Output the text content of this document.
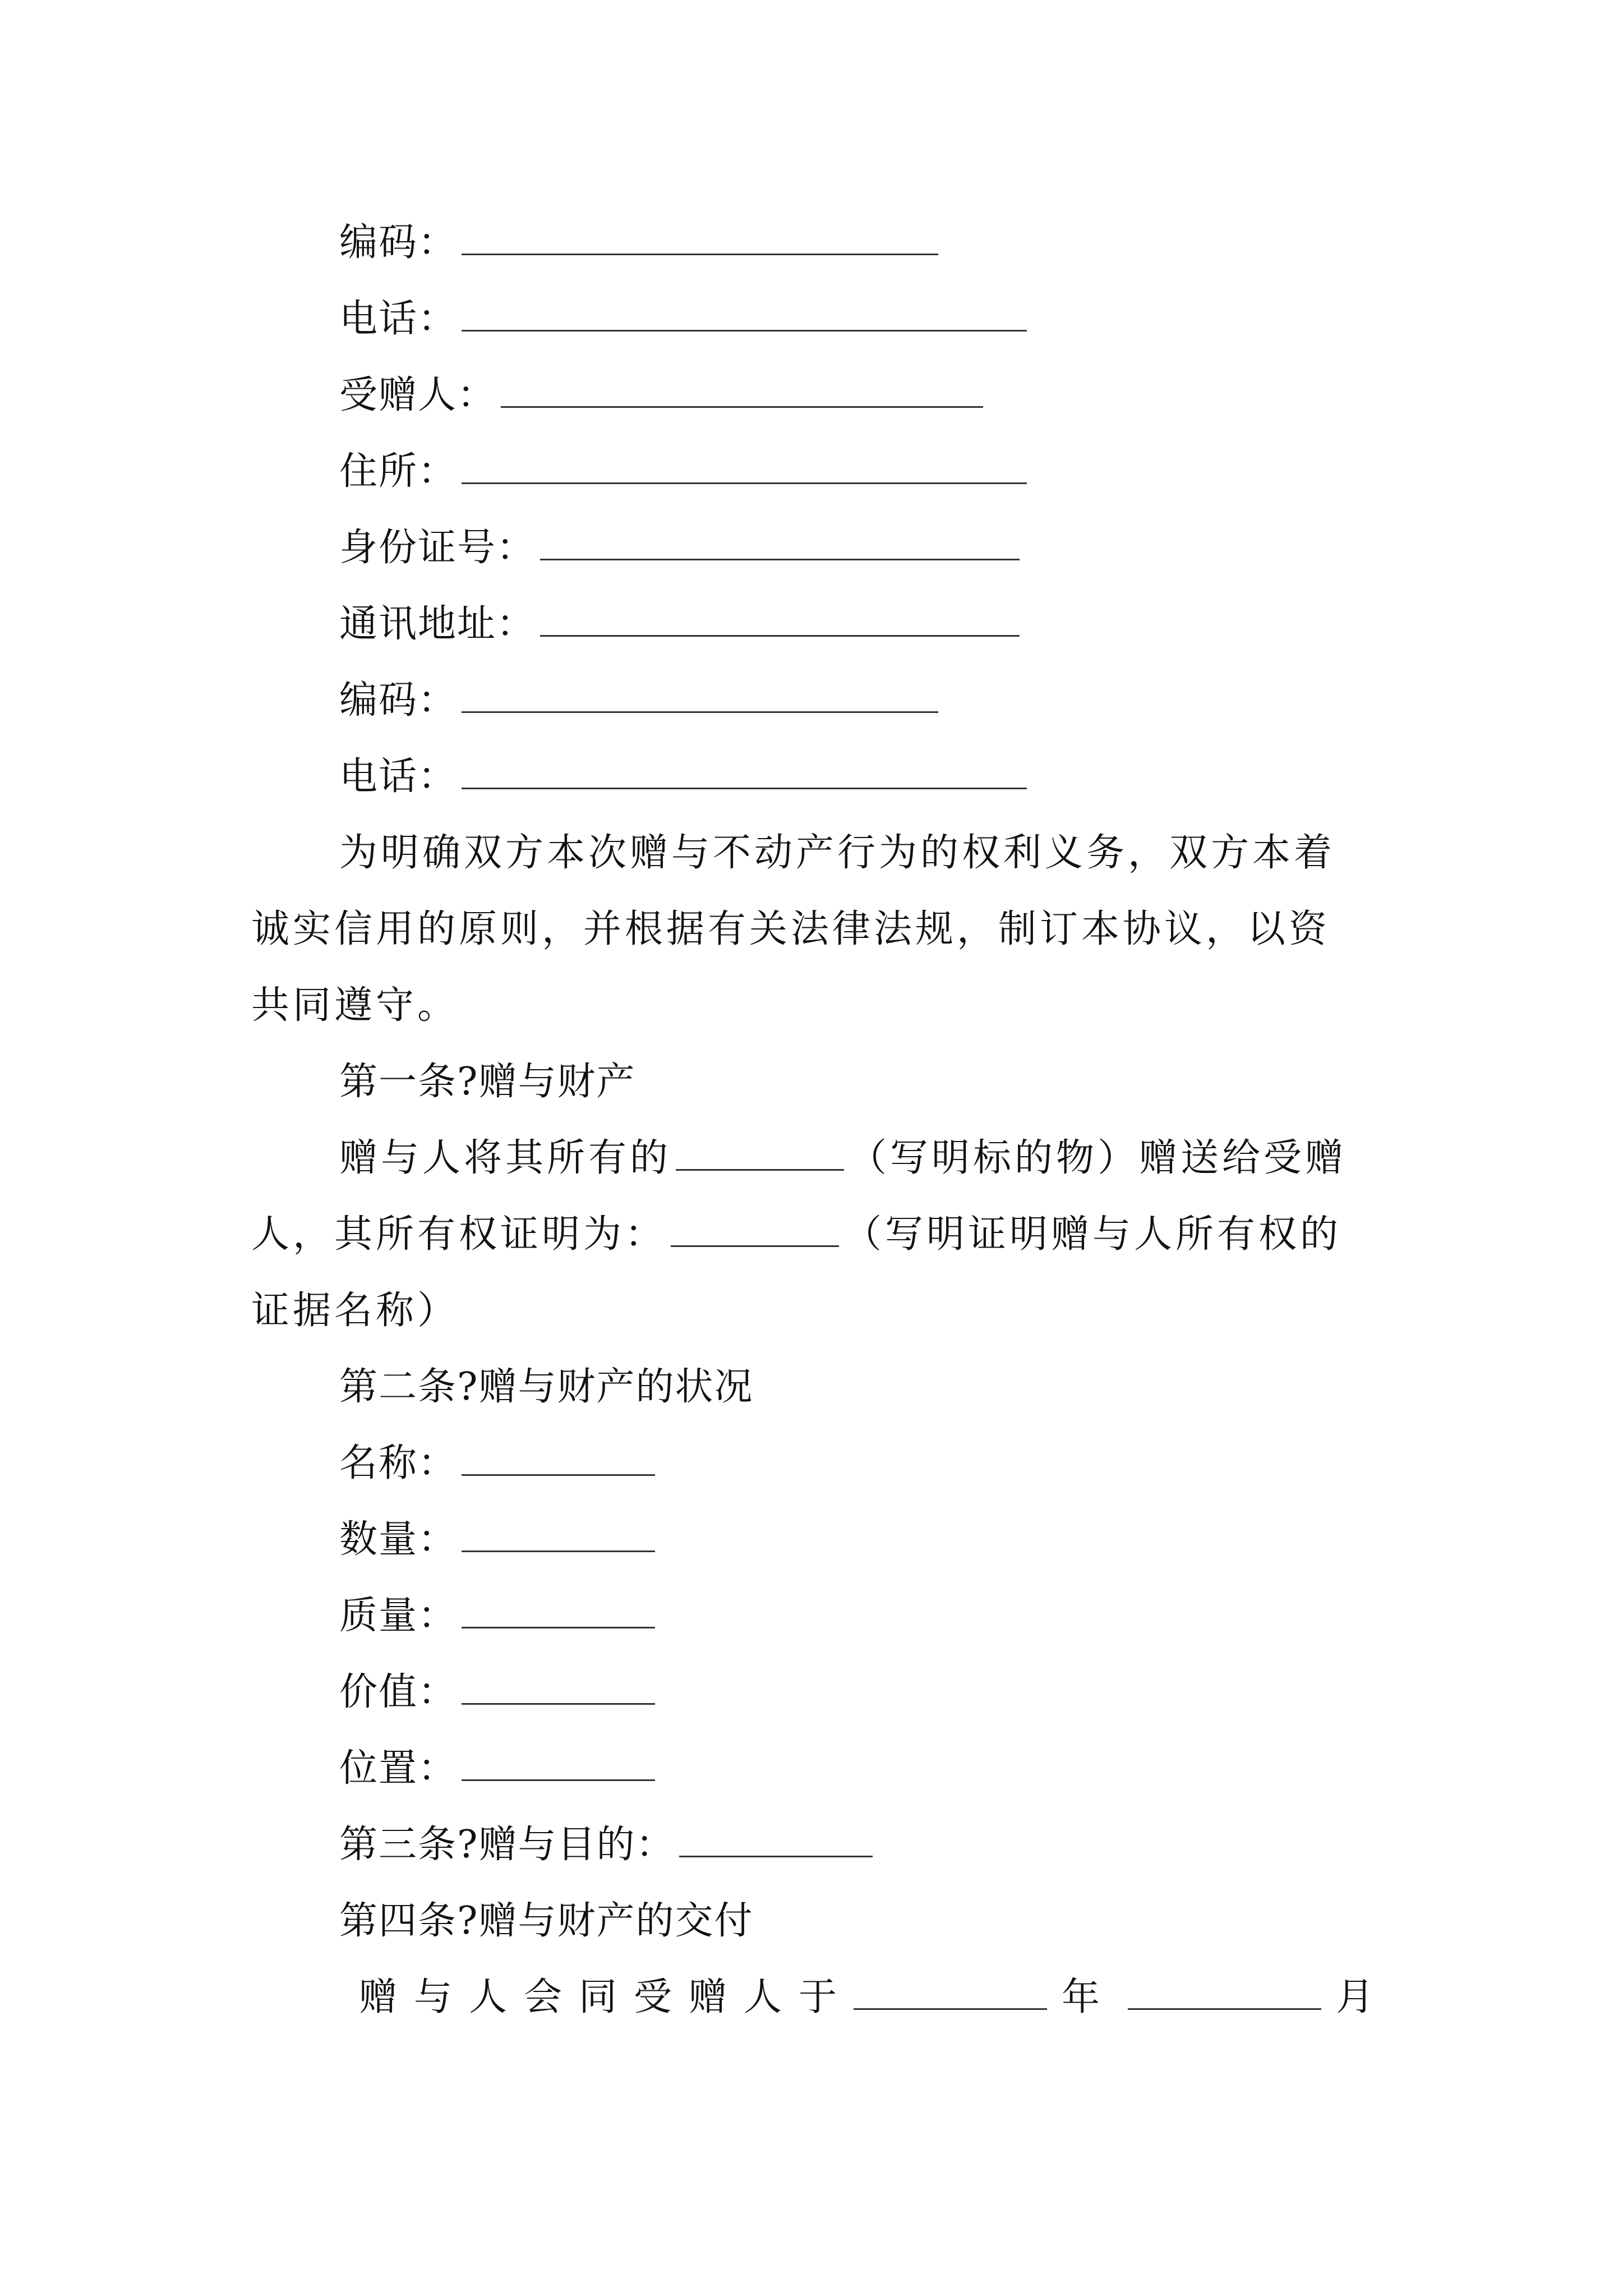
编码：
电话：
受赠人：
住所：
身份证号：
通讯地址：
编码：
电话：
为明确双方本次赠与不动产行为的权利义务，双方本着
诚实信用的原则，并根据有关法律法规，制订本协议，以资
共同遵守。
第一条?赠与财产
赠与人将其所有的	（写明标的物）赠送给受赠
人，其所有权证明为：	（写明证明赠与人所有权的
证据名称）
第二条?赠与财产的状况
名称：
数量：
质量：
价值：
位置：
第三条?赠与目的：
第四条?赠与财产的交付
赠与人会同受赠人于	年	月
